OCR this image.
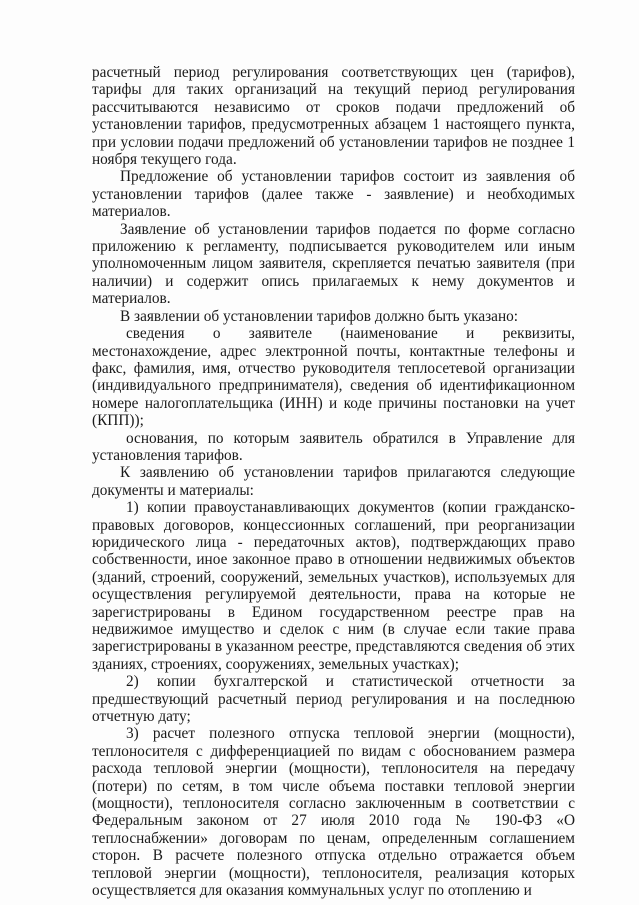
расчетный период регулирования соответствующих цен (тарифов), тарифы для таких организаций на текущий период регулирования рассчитываются независимо от сроков подачи предложений об установлении тарифов, предусмотренных абзацем 1 настоящего пункта, при условии подачи предложений об установлении тарифов не позднее 1 ноября текущего года.

Предложение об установлении тарифов состоит из заявления об установлении тарифов (далее также - заявление) и необходимых материалов.

Заявление об установлении тарифов подается по форме согласно приложению к регламенту, подписывается руководителем или иным уполномоченным лицом заявителя, скрепляется печатью заявителя (при наличии) и содержит опись прилагаемых к нему документов и материалов.

В заявлении об установлении тарифов должно быть указано:

сведения о заявителе (наименование и реквизиты, местонахождение, адрес электронной почты, контактные телефоны и факс, фамилия, имя, отчество руководителя теплосетевой организации (индивидуального предпринимателя), сведения об идентификационном номере налогоплательщика (ИНН) и коде причины постановки на учет (КПП));

основания, по которым заявитель обратился в Управление для установления тарифов.

К заявлению об установлении тарифов прилагаются следующие документы и материалы:

1) копии правоустанавливающих документов (копии гражданско-правовых договоров, концессионных соглашений, при реорганизации юридического лица - передаточных актов), подтверждающих право собственности, иное законное право в отношении недвижимых объектов (зданий, строений, сооружений, земельных участков), используемых для осуществления регулируемой деятельности, права на которые не зарегистрированы в Едином государственном реестре прав на недвижимое имущество и сделок с ним (в случае если такие права зарегистрированы в указанном реестре, представляются сведения об этих зданиях, строениях, сооружениях, земельных участках);

2) копии бухгалтерской и статистической отчетности за предшествующий расчетный период регулирования и на последнюю отчетную дату;

3) расчет полезного отпуска тепловой энергии (мощности), теплоносителя с дифференциацией по видам с обоснованием размера расхода тепловой энергии (мощности), теплоносителя на передачу (потери) по сетям, в том числе объема поставки тепловой энергии (мощности), теплоносителя согласно заключенным в соответствии с Федеральным законом от 27 июля 2010 года № 190-ФЗ «О теплоснабжении» договорам по ценам, определенным соглашением сторон. В расчете полезного отпуска отдельно отражается объем тепловой энергии (мощности), теплоносителя, реализация которых осуществляется для оказания коммунальных услуг по отоплению и
